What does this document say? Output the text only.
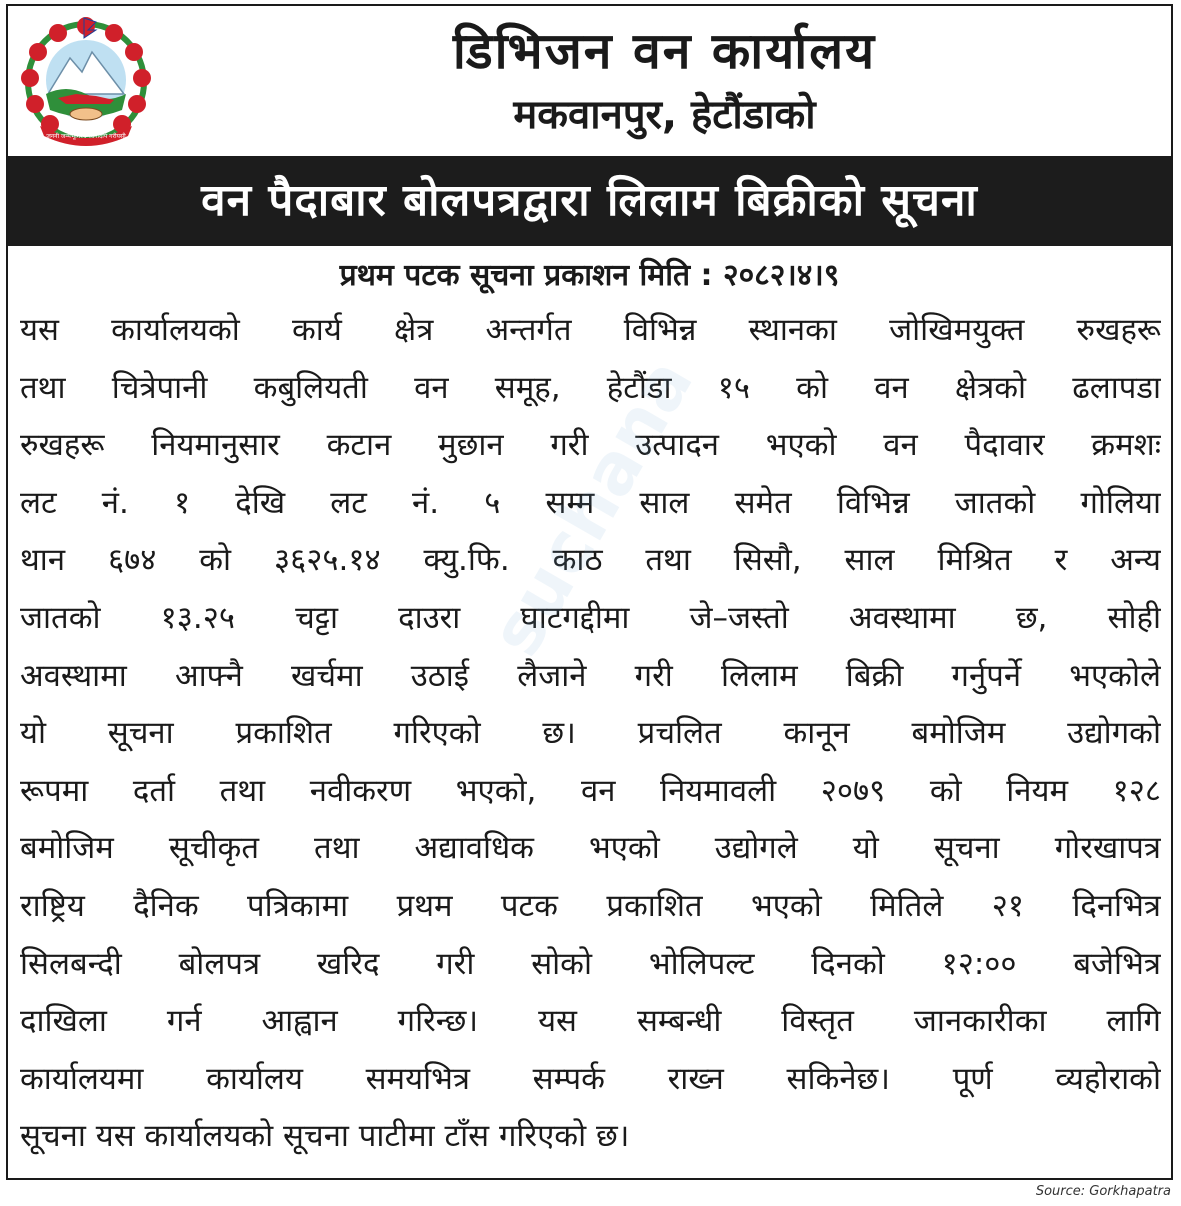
जननी जन्मभूमिश्च स्वर्गादपि गरीयसी
डिभिजन वन कार्यालय
मकवानपुर, हेटौंडाको
वन पैदाबार बोलपत्रद्वारा लिलाम बिक्रीको सूचना
प्रथम पटक सूचना प्रकाशन मिति : २०८२।४।९
यस कार्यालयको कार्य क्षेत्र अन्तर्गत विभिन्न स्थानका जोखिमयुक्त रुखहरू
तथा चित्रेपानी कबुलियती वन समूह, हेटौंडा १५ को वन क्षेत्रको ढलापडा
रुखहरू नियमानुसार कटान मुछान गरी उत्पादन भएको वन पैदावार क्रमशः
लट नं. १ देखि लट नं. ५ सम्म साल समेत विभिन्न जातको गोलिया
थान ६७४ को ३६२५.१४ क्यु.फि. काठ तथा सिसौ, साल मिश्रित र अन्य
जातको १३.२५ चट्टा दाउरा घाटगद्दीमा जे–जस्तो अवस्थामा छ, सोही
अवस्थामा आफ्नै खर्चमा उठाई लैजाने गरी लिलाम बिक्री गर्नुपर्ने भएकोले
यो सूचना प्रकाशित गरिएको छ। प्रचलित कानून बमोजिम उद्योगको
रूपमा दर्ता तथा नवीकरण भएको, वन नियमावली २०७९ को नियम १२८
बमोजिम सूचीकृत तथा अद्यावधिक भएको उद्योगले यो सूचना गोरखापत्र
राष्ट्रिय दैनिक पत्रिकामा प्रथम पटक प्रकाशित भएको मितिले २१ दिनभित्र
सिलबन्दी बोलपत्र खरिद गरी सोको भोलिपल्ट दिनको १२:०० बजेभित्र
दाखिला गर्न आह्वान गरिन्छ। यस सम्बन्धी विस्तृत जानकारीका लागि
कार्यालयमा कार्यालय समयभित्र सम्पर्क राख्न सकिनेछ। पूर्ण व्यहोराको
सूचना यस कार्यालयको सूचना पाटीमा टाँस गरिएको छ।
suchana
Source: Gorkhapatra
